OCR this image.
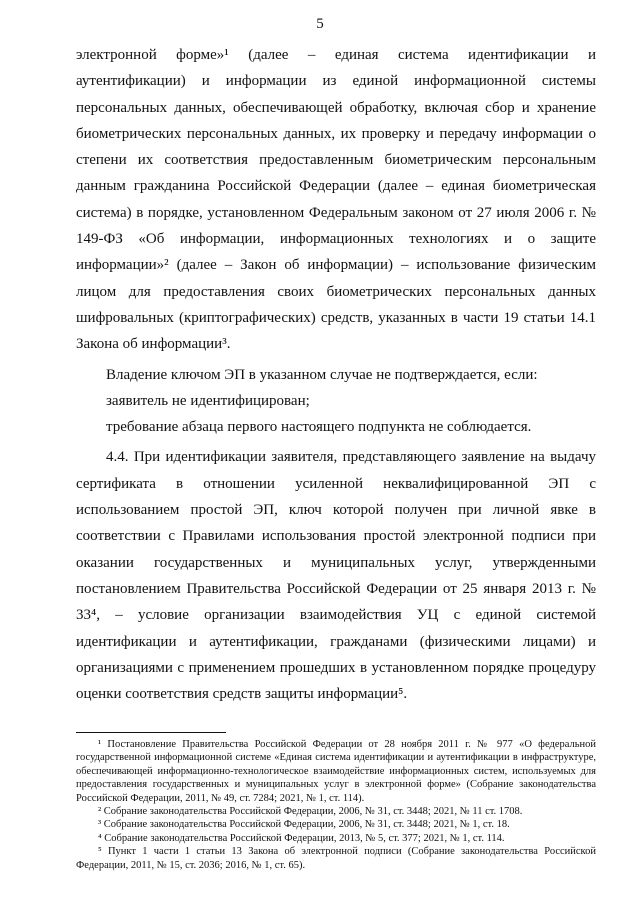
5

электронной форме»¹ (далее – единая система идентификации и аутентификации) и информации из единой информационной системы персональных данных, обеспечивающей обработку, включая сбор и хранение биометрических персональных данных, их проверку и передачу информации о степени их соответствия предоставленным биометрическим персональным данным гражданина Российской Федерации (далее – единая биометрическая система) в порядке, установленном Федеральным законом от 27 июля 2006 г. № 149-ФЗ «Об информации, информационных технологиях и о защите информации»² (далее – Закон об информации) – использование физическим лицом для предоставления своих биометрических персональных данных шифровальных (криптографических) средств, указанных в части 19 статьи 14.1 Закона об информации³.

Владение ключом ЭП в указанном случае не подтверждается, если:

заявитель не идентифицирован;

требование абзаца первого настоящего подпункта не соблюдается.

4.4. При идентификации заявителя, представляющего заявление на выдачу сертификата в отношении усиленной неквалифицированной ЭП с использованием простой ЭП, ключ которой получен при личной явке в соответствии с Правилами использования простой электронной подписи при оказании государственных и муниципальных услуг, утвержденными постановлением Правительства Российской Федерации от 25 января 2013 г. № 33⁴, – условие организации взаимодействия УЦ с единой системой идентификации и аутентификации, гражданами (физическими лицами) и организациями с применением прошедших в установленном порядке процедуру оценки соответствия средств защиты информации⁵.

¹ Постановление Правительства Российской Федерации от 28 ноября 2011 г. № 977 «О федеральной государственной информационной системе «Единая система идентификации и аутентификации в инфраструктуре, обеспечивающей информационно-технологическое взаимодействие информационных систем, используемых для предоставления государственных и муниципальных услуг в электронной форме» (Собрание законодательства Российской Федерации, 2011, № 49, ст. 7284; 2021, № 1, ст. 114).

² Собрание законодательства Российской Федерации, 2006, № 31, ст. 3448; 2021, № 11 ст. 1708.

³ Собрание законодательства Российской Федерации, 2006, № 31, ст. 3448; 2021, № 1, ст. 18.

⁴ Собрание законодательства Российской Федерации, 2013, № 5, ст. 377; 2021, № 1, ст. 114.

⁵ Пункт 1 части 1 статьи 13 Закона об электронной подписи (Собрание законодательства Российской Федерации, 2011, № 15, ст. 2036; 2016, № 1, ст. 65).
